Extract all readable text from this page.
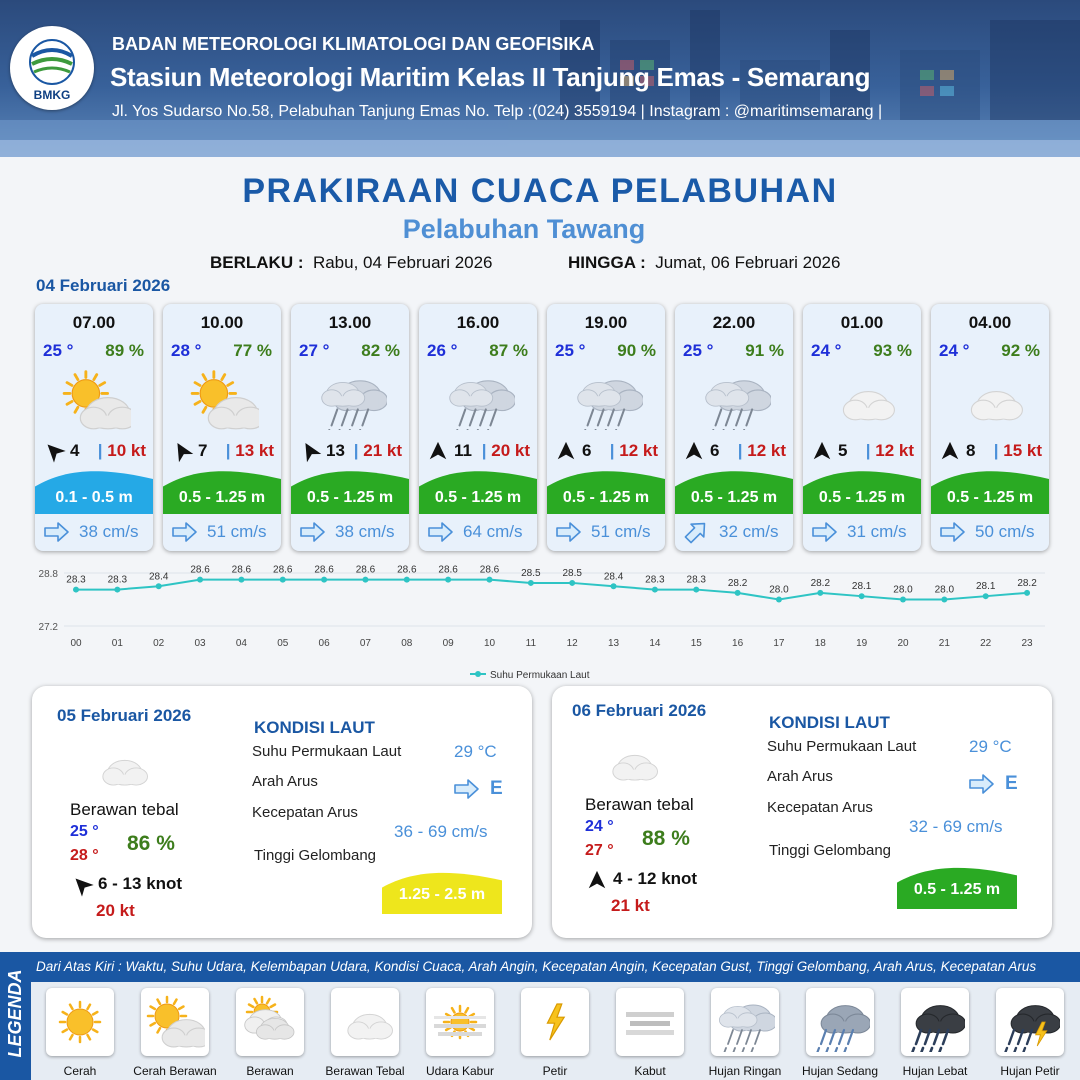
BMKG
BADAN METEOROLOGI KLIMATOLOGI DAN GEOFISIKA
Stasiun Meteorologi Maritim Kelas II Tanjung Emas - Semarang
Jl. Yos Sudarso No.58, Pelabuhan Tanjung Emas No. Telp :(024) 3559194 | Instagram : @maritimsemarang |
PRAKIRAAN CUACA PELABUHAN
Pelabuhan Tawang
BERLAKU : Rabu, 04 Februari 2026	HINGGA : Jumat, 06 Februari 2026
04 Februari 2026
07.00
25 ° 89 %
4 | 10 kt
0.1 - 0.5 m
38 cm/s
10.00
28 ° 77 %
7 | 13 kt
0.5 - 1.25 m
51 cm/s
13.00
27 ° 82 %
13 | 21 kt
0.5 - 1.25 m
38 cm/s
16.00
26 ° 87 %
11 | 20 kt
0.5 - 1.25 m
64 cm/s
19.00
25 ° 90 %
6 | 12 kt
0.5 - 1.25 m
51 cm/s
22.00
25 ° 91 %
6 | 12 kt
0.5 - 1.25 m
32 cm/s
01.00
24 ° 93 %
5 | 12 kt
0.5 - 1.25 m
31 cm/s
04.00
24 ° 92 %
8 | 15 kt
0.5 - 1.25 m
50 cm/s
28.8
27.2
28.3
00
28.3
01
28.4
02
28.6
03
28.6
04
28.6
05
28.6
06
28.6
07
28.6
08
28.6
09
28.6
10
28.5
11
28.5
12
28.4
13
28.3
14
28.3
15
28.2
16
28.0
17
28.2
18
28.1
19
28.0
20
28.0
21
28.1
22
28.2
23
Suhu Permukaan Laut
05 Februari 2026
Berawan tebal
25 °
28 °
86 %
6 - 13 knot
20 kt
KONDISI LAUT
Suhu Permukaan Laut	29 °C
Arah Arus	E
Kecepatan Arus
36 - 69 cm/s
Tinggi Gelombang
1.25 - 2.5 m
06 Februari 2026
Berawan tebal
24 °
27 °
88 %
4 - 12 knot
21 kt
KONDISI LAUT
Suhu Permukaan Laut	29 °C
Arah Arus	E
Kecepatan Arus
32 - 69 cm/s
Tinggi Gelombang
0.5 - 1.25 m
LEGENDA
Dari Atas Kiri : Waktu, Suhu Udara, Kelembapan Udara, Kondisi Cuaca, Arah Angin, Kecepatan Angin, Kecepatan Gust, Tinggi Gelombang, Arah Arus, Kecepatan Arus
Cerah	Cerah Berawan	Berawan	Berawan Tebal	Udara Kabur	Petir	Kabut	Hujan Ringan	Hujan Sedang	Hujan Lebat	Hujan Petir
